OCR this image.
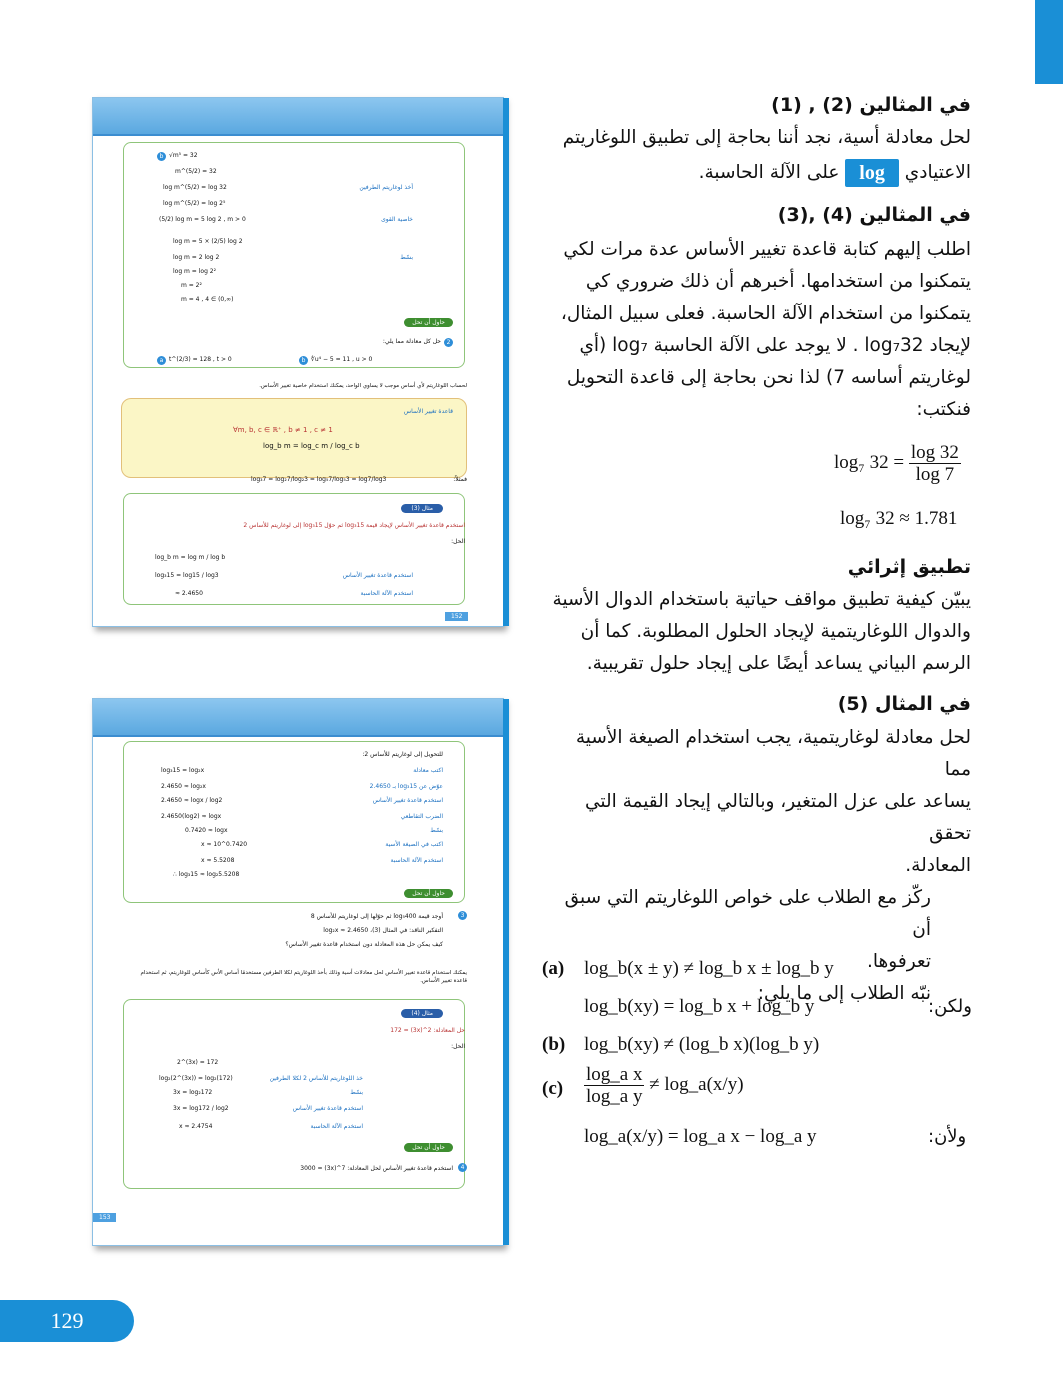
b √m⁵ = 32
m^(5/2) = 32
log m^(5/2) = log 32
log m^(5/2) = log 2⁵
(5/2) log m = 5 log 2 , m > 0
log m = 5 × (2/5) log 2
log m = 2 log 2
log m = log 2²
m = 2²
m = 4 , 4 ∈ (0,∞)
أخذ لوغاريتم الطرفين
خاصية القوى
بسّط
حاول أن تحل
2
حل كل معادلة مما يلي:
a t^(2/3) = 128 , t > 0	b ∜u⁴ − 5 = 11 , u > 0
لحساب اللوغاريتم لأي أساس موجب لا يساوي الواحد، يمكنك استخدام خاصية تغيير الأساس.
قاعدة تغيير الأساس
∀m, b, c ∈ ℝ⁺ , b ≠ 1 , c ≠ 1
log_b m = log_c m / log_c b
فمثلاً:
log₃7 = log₂7/log₂3 = log₅7/log₅3 = log7/log3
مثال (3)
استخدم قاعدة تغيير الأساس لإيجاد قيمة log₃15 ثم حوّل log₃15 إلى لوغاريتم للأساس 2
الحل:
log_b m = log m / log b
log₃15 = log15 / log3
≈ 2.4650
استخدم قاعدة تغيير الأساس
استخدم الآلة الحاسبة
152
للتحويل إلى لوغاريتم للأساس 2:
log₃15 = log₂x
2.4650 ≈ log₂x
2.4650 ≈ logx / log2
2.4650(log2) ≈ logx
0.7420 ≈ logx
x ≈ 10^0.7420
x ≈ 5.5208
∴ log₃15 ≈ log₂5.5208
اكتب معادلة
عوّض عن log₃15 بـ 2.4650
استخدم قاعدة تغيير الأساس
الضرب التقاطعي
بسّط
اكتب في الصيغة الأسية
استخدم الآلة الحاسبة
حاول أن تحل
3
أوجد قيمة log₅400 ثم حوّلها إلى لوغاريتم للأساس 8
التفكير الناقد: في المثال (3)، log₂x ≈ 2.4650
كيف يمكن حل هذه المعادلة دون استخدام قاعدة تغيير الأساس؟
يمكنك استخدام قاعدة تغيير الأساس لحل معادلات أسية وذلك بأخذ اللوغاريتم لكلا الطرفين مستخدمًا أساس الأس كأساس للوغاريتم، ثم استخدام قاعدة تغيير الأساس.
مثال (4)
حل المعادلة: 2^(3x) = 172
الحل:
2^(3x) = 172
log₂(2^(3x)) = log₂(172)
3x = log₂172
3x = log172 / log2
x ≈ 2.4754
خذ اللوغاريتم للأساس 2 لكلا الطرفين
بسّط
استخدم قاعدة تغيير الأساس
استخدم الآلة الحاسبة
حاول أن تحل
4
استخدم قاعدة تغيير الأساس لحل المعادلة: 7^(3x) = 3000
153
في المثالين (2) , (1)
لحل معادلة أسية، نجد أننا بحاجة إلى تطبيق اللوغاريتم
الاعتيادي log على الآلة الحاسبة.
في المثالين (4) ,(3)
اطلب إليهم كتابة قاعدة تغيير الأساس عدة مرات لكي
يتمكنوا من استخدامها. أخبرهم أن ذلك ضروري كي
يتمكنوا من استخدام الآلة الحاسبة. فعلى سبيل المثال،
لإيجاد log₇32 . لا يوجد على الآلة الحاسبة log₇ (أي
لوغاريتم أساسه 7) لذا نحن بحاجة إلى قاعدة التحويل
فنكتب:
log₇ $32 = \frac{\log 32}{\log 7}$
log₇ 32 ≈ 1.781
تطبيق إثرائي
يبيّن كيفية تطبيق مواقف حياتية باستخدام الدوال الأسية
والدوال اللوغاريتمية لإيجاد الحلول المطلوبة. كما أن
الرسم البياني يساعد أيضًا على إيجاد حلول تقريبية.
في المثال (5)
لحل معادلة لوغاريتمية، يجب استخدام الصيغة الأسية مما
يساعد على عزل المتغير، وبالتالي إيجاد القيمة التي تحقق
المعادلة.
ركّز مع الطلاب على خواص اللوغاريتم التي سبق أن
تعرفوها.
نبّه الطلاب إلى ما يلي:
(a) log_b(x ± y) ≠ log_b x ± log_b y
ولكن:
log_b(xy) = log_b x + log_b y
(b) log_b(xy) ≠ (log_b x)(log_b y)
$(c) \frac{\text{log\_a x}}{\text{log\_a y}}$ ≠ log_a(x/y)
ولأن:
log_a(x/y) = log_a x − log_a y
129
